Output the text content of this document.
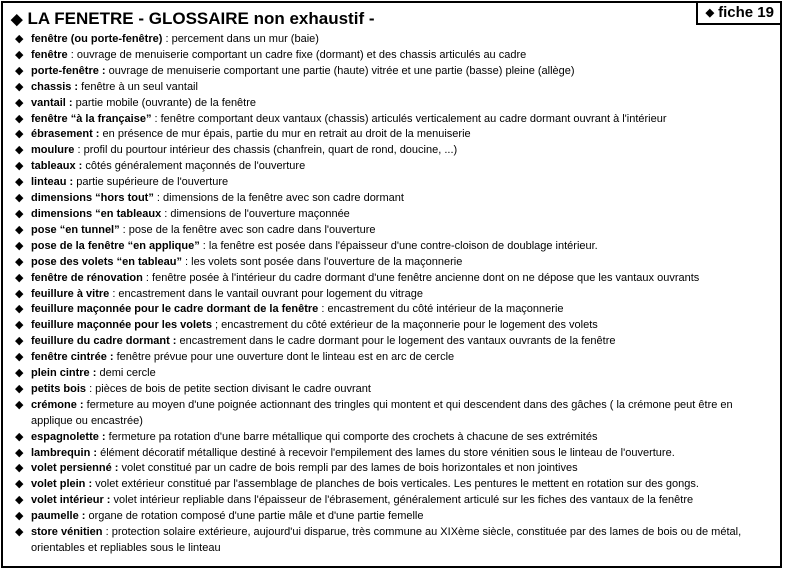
◆ LA FENETRE - GLOSSAIRE non exhaustif -	◆ fiche 19
◆ fenêtre (ou porte-fenêtre) : percement dans un mur (baie)
◆ fenêtre : ouvrage de menuiserie comportant un cadre fixe (dormant) et des chassis articulés au cadre
◆ porte-fenêtre : ouvrage de menuiserie comportant une partie (haute) vitrée et une partie (basse) pleine (allège)
◆ chassis : fenêtre à un seul vantail
◆ vantail : partie mobile (ouvrante) de la fenêtre
◆ fenêtre “à la française” : fenêtre comportant deux vantaux (chassis) articulés verticalement au cadre dormant ouvrant à l'intérieur
◆ ébrasement : en présence de mur épais, partie du mur en retrait au droit de la menuiserie
◆ moulure : profil du pourtour intérieur des chassis (chanfrein, quart de rond, doucine, ...)
◆ tableaux : côtés généralement maçonnés de l'ouverture
◆ linteau : partie supérieure de l'ouverture
◆ dimensions “hors tout” : dimensions de la fenêtre avec son cadre dormant
◆ dimensions “en tableaux : dimensions de l'ouverture maçonnée
◆ pose “en tunnel” : pose de la fenêtre avec son cadre dans l'ouverture
◆ pose de la fenêtre “en applique” : la fenêtre est posée dans l'épaisseur d'une contre-cloison de doublage intérieur.
◆ pose des volets “en tableau” : les volets sont posée dans l'ouverture de la maçonnerie
◆ fenêtre de rénovation : fenêtre posée à l'intérieur du cadre dormant d'une fenêtre ancienne dont on ne dépose que les vantaux ouvrants
◆ feuillure à vitre : encastrement dans le vantail ouvrant pour logement du vitrage
◆ feuillure maçonnée pour le cadre dormant de la fenêtre : encastrement du côté intérieur de la maçonnerie
◆ feuillure maçonnée pour les volets ; encastrement du côté extérieur de la maçonnerie pour le logement des volets
◆ feuillure du cadre dormant : encastrement dans le cadre dormant pour le logement des vantaux ouvrants de la fenêtre
◆ fenêtre cintrée : fenêtre prévue pour une ouverture dont le linteau est en arc de cercle
◆ plein cintre : demi cercle
◆ petits bois : pièces de bois de petite section divisant le cadre ouvrant
◆ crémone : fermeture au moyen d'une poignée actionnant des tringles qui montent et qui descendent dans des gâches ( la crémone peut être en applique ou encastrée)
◆ espagnolette : fermeture pa rotation d'une barre métallique qui comporte des crochets à chacune de ses extrémités
◆ lambrequin : élément décoratif métallique destiné à recevoir l'empilement des lames du store vénitien sous le linteau de l'ouverture.
◆ volet persienné : volet constitué par un cadre de bois rempli par des lames de bois horizontales et non jointives
◆ volet plein : volet extérieur constitué par l'assemblage de planches de bois verticales. Les pentures le mettent en rotation sur des gongs.
◆ volet intérieur : volet intérieur repliable dans l'épaisseur de l'ébrasement, généralement articulé sur les fiches des vantaux de la fenêtre
◆ paumelle : organe de rotation composé d'une partie mâle et d'une partie femelle
◆ store vénitien : protection solaire extérieure, aujourd'ui disparue, très commune au XIXème siècle, constituée par des lames de bois ou de métal, orientables et repliables sous le linteau
